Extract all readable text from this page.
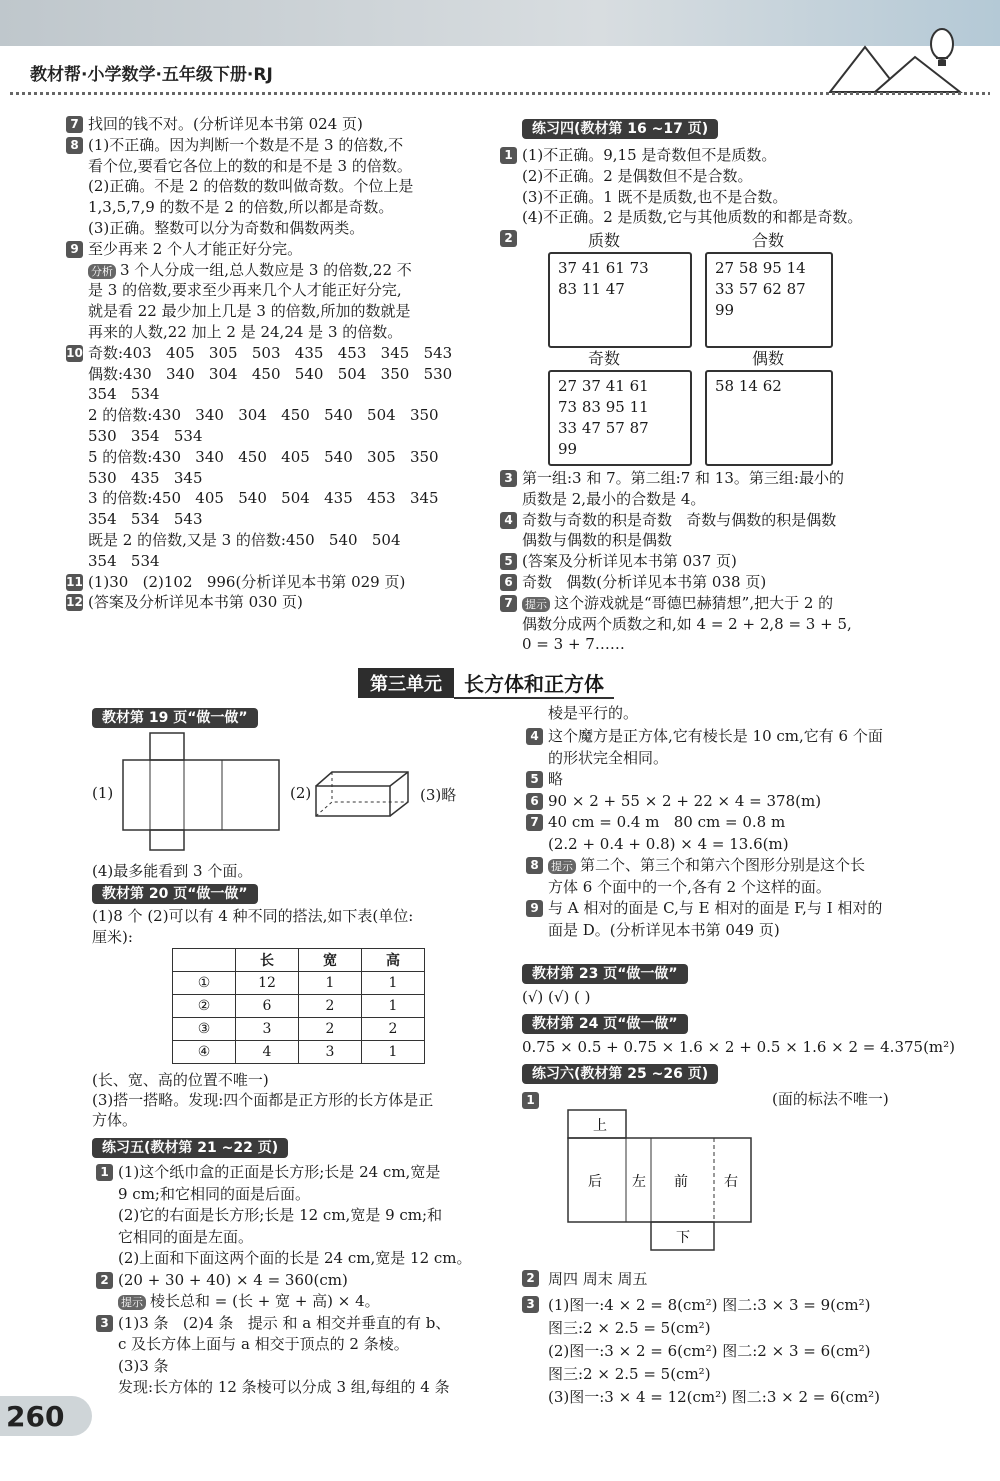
教材帮·小学数学·五年级下册·RJ
7 找回的钱不对。(分析详见本书第 024 页)
8 (1)不正确。因为判断一个数是不是 3 的倍数,不
看个位,要看它各位上的数的和是不是 3 的倍数。
(2)正确。不是 2 的倍数的数叫做奇数。个位上是
1,3,5,7,9 的数不是 2 的倍数,所以都是奇数。
(3)正确。整数可以分为奇数和偶数两类。
9 至少再来 2 个人才能正好分完。
分析 3 个人分成一组,总人数应是 3 的倍数,22 不
是 3 的倍数,要求至少再来几个人才能正好分完,
就是看 22 最少加上几是 3 的倍数,所加的数就是
再来的人数,22 加上 2 是 24,24 是 3 的倍数。
10 奇数:403   405   305   503   435   453   345   543
偶数:430   340   304   450   540   504   350   530
354   534
2 的倍数:430   340   304   450   540   504   350
530   354   534
5 的倍数:430   340   450   405   540   305   350
530   435   345
3 的倍数:450   405   540   504   435   453   345
354   534   543
既是 2 的倍数,又是 3 的倍数:450   540   504
354   534
11 (1)30   (2)102   996(分析详见本书第 029 页)
12 (答案及分析详见本书第 030 页)
练习四(教材第 16 ~17 页)
1 (1)不正确。9,15 是奇数但不是质数。
(2)不正确。2 是偶数但不是合数。
(3)不正确。1 既不是质数,也不是合数。
(4)不正确。2 是质数,它与其他质数的和都是奇数。
2	质数	合数
37 41 61 73
83 11 47
27 58 95 14
33 57 62 87
99
奇数	偶数
27 37 41 61
73 83 95 11
33 47 57 87
99
58 14 62
3 第一组:3 和 7。第二组:7 和 13。第三组:最小的
质数是 2,最小的合数是 4。
4 奇数与奇数的积是奇数   奇数与偶数的积是偶数
偶数与偶数的积是偶数
5 (答案及分析详见本书第 037 页)
6 奇数   偶数(分析详见本书第 038 页)
7	提示 这个游戏就是“哥德巴赫猜想”,把大于 2 的
偶数分成两个质数之和,如 4 = 2 + 2,8 = 3 + 5,
0 = 3 + 7……
第三单元	长方体和正方体
教材第 19 页“做一做”
(1)	(2)	(3)略
(4)最多能看到 3 个面。
教材第 20 页“做一做”
(1)8 个 (2)可以有 4 种不同的搭法,如下表(单位:
厘米):
	长	宽	高
①	12	1	1
②	6	2	1
③	3	2	2
④	4	3	1
(长、宽、高的位置不唯一)
(3)搭一搭略。发现:四个面都是正方形的长方体是正
方体。
练习五(教材第 21 ~22 页)
1 (1)这个纸巾盒的正面是长方形;长是 24 cm,宽是
9 cm;和它相同的面是后面。
(2)它的右面是长方形;长是 12 cm,宽是 9 cm;和
它相同的面是左面。
(2)上面和下面这两个面的长是 24 cm,宽是 12 cm。
2 (20 + 30 + 40) × 4 = 360(cm)
提示 棱长总和 = (长 + 宽 + 高) × 4。
3 (1)3 条   (2)4 条   提示 和 a 相交并垂直的有 b、
c 及长方体上面与 a 相交于顶点的 2 条棱。
(3)3 条
发现:长方体的 12 条棱可以分成 3 组,每组的 4 条
棱是平行的。
4 这个魔方是正方体,它有棱长是 10 cm,它有 6 个面
的形状完全相同。
5 略
6 90 × 2 + 55 × 2 + 22 × 4 = 378(m)
7 40 cm = 0.4 m   80 cm = 0.8 m
(2.2 + 0.4 + 0.8) × 4 = 13.6(m)
8	提示 第二个、第三个和第六个图形分别是这个长
方体 6 个面中的一个,各有 2 个这样的面。
9 与 A 相对的面是 C,与 E 相对的面是 F,与 I 相对的
面是 D。(分析详见本书第 049 页)
教材第 23 页“做一做”
(√) (√) ( )
教材第 24 页“做一做”
0.75 × 0.5 + 0.75 × 1.6 × 2 + 0.5 × 1.6 × 2 = 4.375(m²)
练习六(教材第 25 ~26 页)
1	(面的标法不唯一)
上
后 左 前	右
下
2 周四 周末 周五
3 (1)图一:4 × 2 = 8(cm²) 图二:3 × 3 = 9(cm²)
图三:2 × 2.5 = 5(cm²)
(2)图一:3 × 2 = 6(cm²) 图二:2 × 3 = 6(cm²)
图三:2 × 2.5 = 5(cm²)
(3)图一:3 × 4 = 12(cm²) 图二:3 × 2 = 6(cm²)
260
